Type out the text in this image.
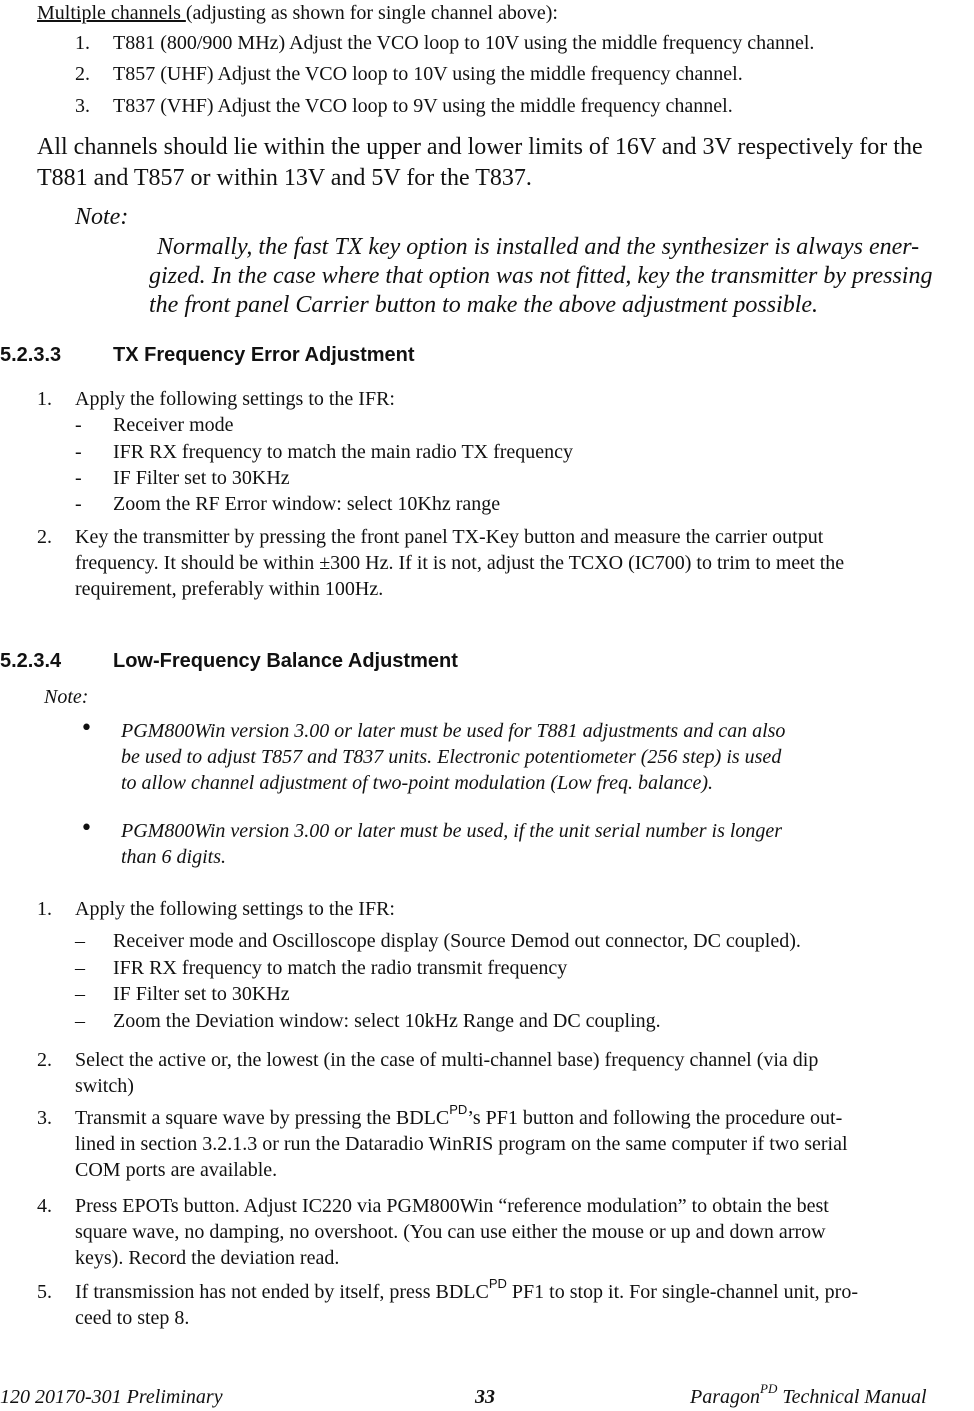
Multiple channels (adjusting as shown for single channel above):
1. T881 (800/900 MHz) Adjust the VCO loop to 10V using the middle frequency channel.
2. T857 (UHF) Adjust the VCO loop to 10V using the middle frequency channel.
3. T837 (VHF) Adjust the VCO loop to 9V using the middle frequency channel.
All channels should lie within the upper and lower limits of 16V and 3V respectively for the
T881 and T857 or within 13V and 5V for the T837.
Note:
Normally, the fast TX key option is installed and the synthesizer is always ener-
gized. In the case where that option was not fitted, key the transmitter by pressing
the front panel Carrier button to make the above adjustment possible.
5.2.3.3	TX Frequency Error Adjustment
1. Apply the following settings to the IFR:
- Receiver mode
- IFR RX frequency to match the main radio TX frequency
- IF Filter set to 30KHz
- Zoom the RF Error window: select 10Khz range
2. Key the transmitter by pressing the front panel TX-Key button and measure the carrier output
frequency. It should be within ±300 Hz. If it is not, adjust the TCXO (IC700) to trim to meet the
requirement, preferably within 100Hz.
5.2.3.4	Low-Frequency Balance Adjustment
Note:
• PGM800Win version 3.00 or later must be used for T881 adjustments and can also
be used to adjust T857 and T837 units. Electronic potentiometer (256 step) is used
to allow channel adjustment of two-point modulation (Low freq. balance).
• PGM800Win version 3.00 or later must be used, if the unit serial number is longer
than 6 digits.
1. Apply the following settings to the IFR:
– Receiver mode and Oscilloscope display (Source Demod out connector, DC coupled).
– IFR RX frequency to match the radio transmit frequency
– IF Filter set to 30KHz
– Zoom the Deviation window: select 10kHz Range and DC coupling.
2. Select the active or, the lowest (in the case of multi-channel base) frequency channel (via dip
switch)
3. Transmit a square wave by pressing the $BDLC^{PD}’s$ PF1 button and following the procedure out-
lined in section 3.2.1.3 or run the Dataradio WinRIS program on the same computer if two serial
COM ports are available.
4. Press EPOTs button. Adjust IC220 via PGM800Win “reference modulation” to obtain the best
square wave, no damping, no overshoot. (You can use either the mouse or up and down arrow
keys). Record the deviation read.
5. If transmission has not ended by itself, press $BDLC^{PD}$ PF1 to stop it. For single-channel unit, pro-
ceed to step 8.
120 20170-301 Preliminary	33	Paragon$^{PD}$ Technical Manual
